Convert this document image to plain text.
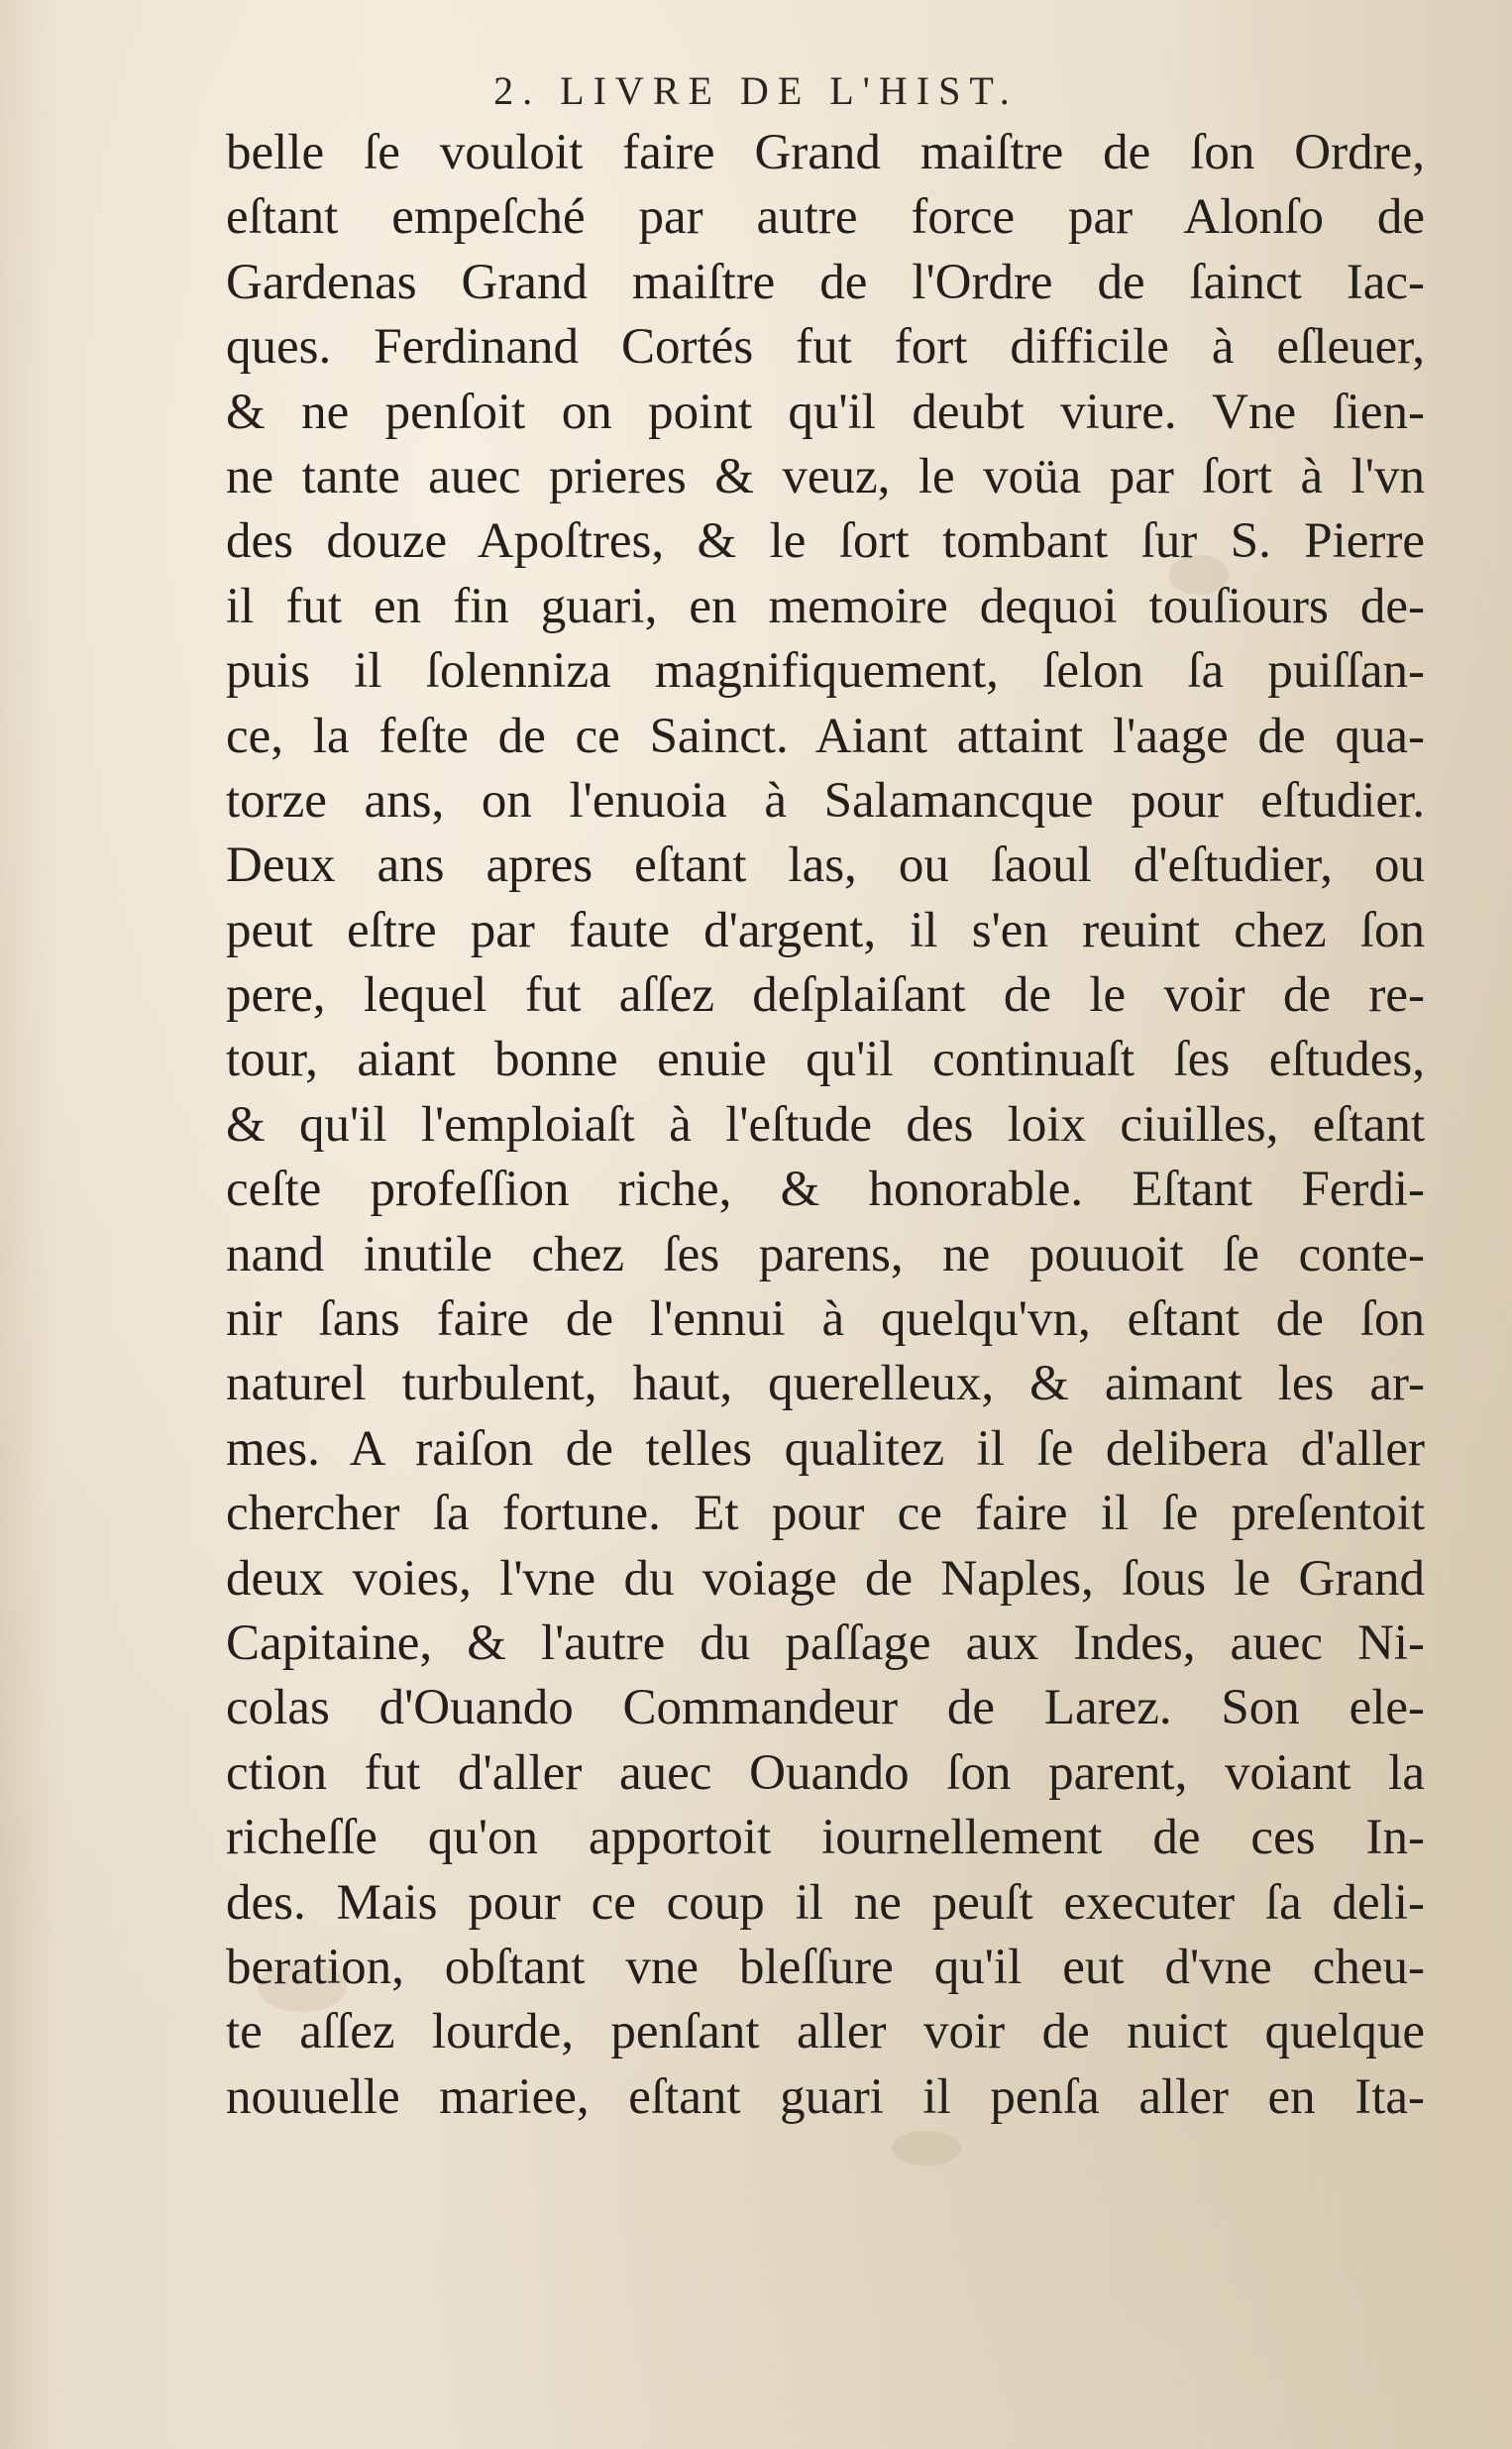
2. LIVRE DE L'HIST.
belle ſe vouloit faire Grand maiſtre de ſon Ordre,
eſtant empeſché par autre force par Alonſo de
Gardenas Grand maiſtre de l'Ordre de ſainct Iac-
ques. Ferdinand Cortés fut fort difficile à eſleuer,
& ne penſoit on point qu'il deubt viure. Vne ſien-
ne tante auec prieres & veuz, le voüa par ſort à l'vn
des douze Apoſtres, & le ſort tombant ſur S. Pierre
il fut en fin guari, en memoire dequoi touſiours de-
puis il ſolenniza magnifiquement, ſelon ſa puiſſan-
ce, la feſte de ce Sainct. Aiant attaint l'aage de qua-
torze ans, on l'enuoia à Salamancque pour eſtudier.
Deux ans apres eſtant las, ou ſaoul d'eſtudier, ou
peut eſtre par faute d'argent, il s'en reuint chez ſon
pere, lequel fut aſſez deſplaiſant de le voir de re-
tour, aiant bonne enuie qu'il continuaſt ſes eſtudes,
& qu'il l'emploiaſt à l'eſtude des loix ciuilles, eſtant
ceſte profeſſion riche, & honorable. Eſtant Ferdi-
nand inutile chez ſes parens, ne pouuoit ſe conte-
nir ſans faire de l'ennui à quelqu'vn, eſtant de ſon
naturel turbulent, haut, querelleux, & aimant les ar-
mes. A raiſon de telles qualitez il ſe delibera d'aller
chercher ſa fortune. Et pour ce faire il ſe preſentoit
deux voies, l'vne du voiage de Naples, ſous le Grand
Capitaine, & l'autre du paſſage aux Indes, auec Ni-
colas d'Ouando Commandeur de Larez. Son ele-
ction fut d'aller auec Ouando ſon parent, voiant la
richeſſe qu'on apportoit iournellement de ces In-
des. Mais pour ce coup il ne peuſt executer ſa deli-
beration, obſtant vne bleſſure qu'il eut d'vne cheu-
te aſſez lourde, penſant aller voir de nuict quelque
nouuelle mariee, eſtant guari il penſa aller en Ita-
